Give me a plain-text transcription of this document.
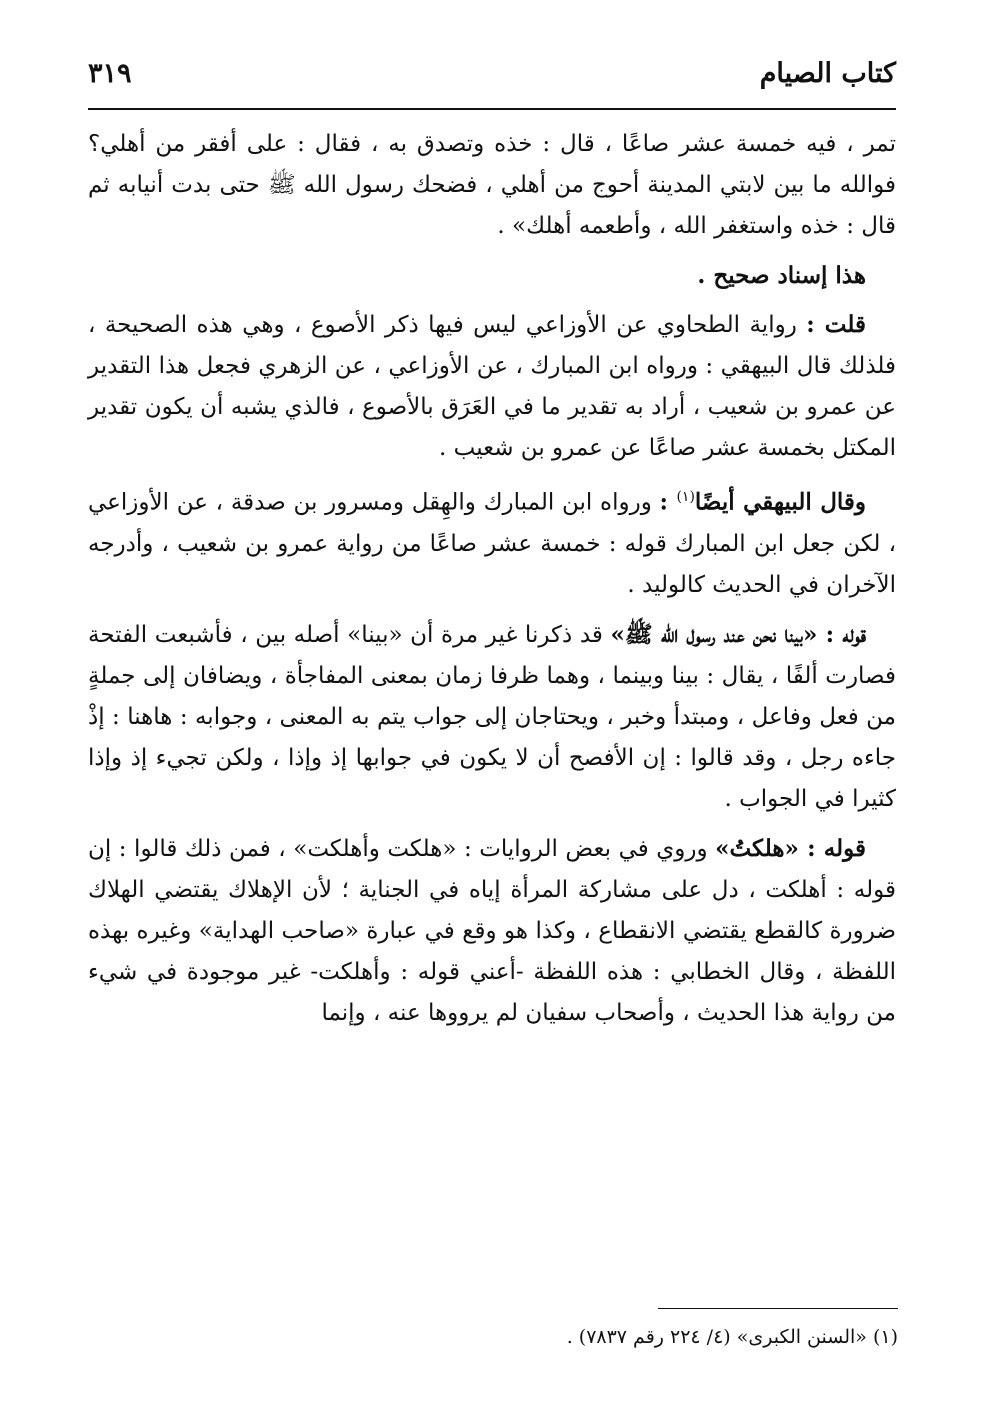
كتاب الصيام
٣١٩

تمر ، فيه خمسة عشر صاعًا ، قال : خذه وتصدق به ، فقال : على أفقر من أهلي؟ فوالله ما بين لابتي المدينة أحوج من أهلي ، فضحك رسول الله ﷺ حتى بدت أنيابه ثم قال : خذه واستغفر الله ، وأطعمه أهلك» .

هذا إسناد صحيح .

قلت : رواية الطحاوي عن الأوزاعي ليس فيها ذكر الأصوع ، وهي هذه الصحيحة ، فلذلك قال البيهقي : ورواه ابن المبارك ، عن الأوزاعي ، عن الزهري فجعل هذا التقدير عن عمرو بن شعيب ، أراد به تقدير ما في العَرَق بالأصوع ، فالذي يشبه أن يكون تقدير المكتل بخمسة عشر صاعًا عن عمرو بن شعيب .

وقال البيهقي أيضًا$^{(١)}$ : ورواه ابن المبارك والهِقل ومسرور بن صدقة ، عن الأوزاعي ، لكن جعل ابن المبارك قوله : خمسة عشر صاعًا من رواية عمرو بن شعيب ، وأدرجه الآخران في الحديث كالوليد .

قوله : «بينا نحن عند رسول الله ﷺ» قد ذكرنا غير مرة أن «بينا» أصله بين ، فأشبعت الفتحة فصارت ألفًا ، يقال : بينا وبينما ، وهما ظرفا زمان بمعنى المفاجأة ، ويضافان إلى جملةٍ من فعل وفاعل ، ومبتدأ وخبر ، ويحتاجان إلى جواب يتم به المعنى ، وجوابه : هاهنا : إذْ جاءه رجل ، وقد قالوا : إن الأفصح أن لا يكون في جوابها إذ وإذا ، ولكن تجيء إذ وإذا كثيرا في الجواب .

قوله : «هلكتُ» وروي في بعض الروايات : «هلكت وأهلكت» ، فمن ذلك قالوا : إن قوله : أهلكت ، دل على مشاركة المرأة إياه في الجناية ؛ لأن الإهلاك يقتضي الهلاك ضرورة كالقطع يقتضي الانقطاع ، وكذا هو وقع في عبارة «صاحب الهداية» وغيره بهذه اللفظة ، وقال الخطابي : هذه اللفظة -أعني قوله : وأهلكت- غير موجودة في شيء من رواية هذا الحديث ، وأصحاب سفيان لم يرووها عنه ، وإنما

(١) «السنن الكبرى» (٤/ ٢٢٤ رقم ٧٨٣٧) .
